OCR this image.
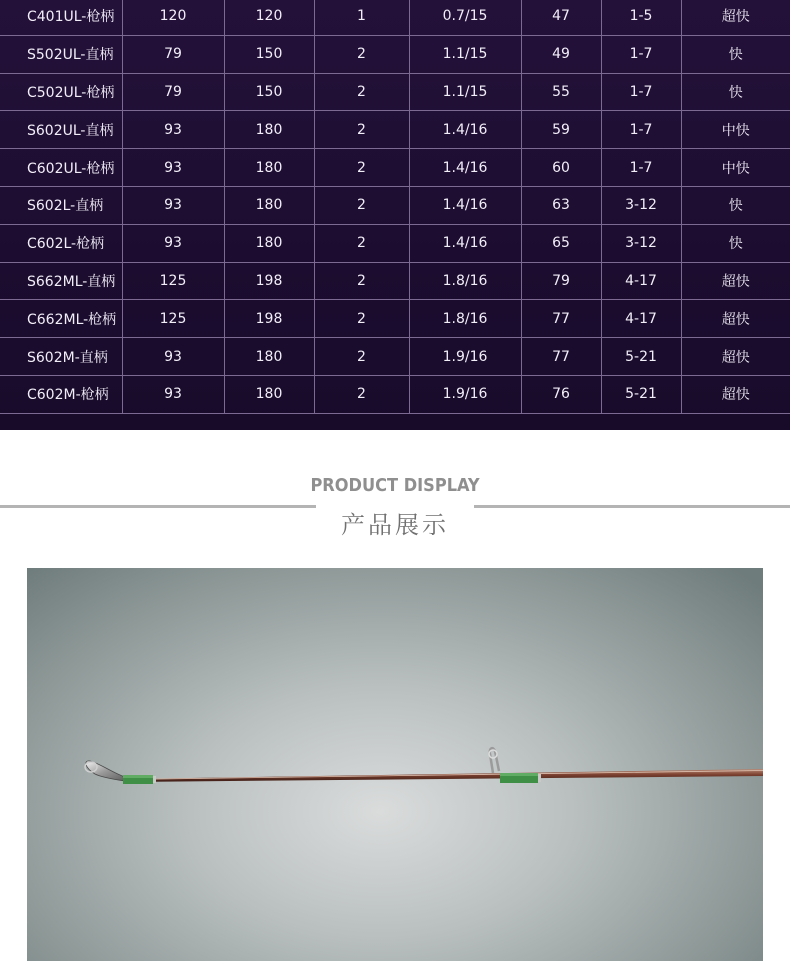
C401UL-枪柄	120	120	1	0.7/15	47	1-5	超快
S502UL-直柄	79	150	2	1.1/15	49	1-7	快
C502UL-枪柄	79	150	2	1.1/15	55	1-7	快
S602UL-直柄	93	180	2	1.4/16	59	1-7	中快
C602UL-枪柄	93	180	2	1.4/16	60	1-7	中快
S602L-直柄	93	180	2	1.4/16	63	3-12	快
C602L-枪柄	93	180	2	1.4/16	65	3-12	快
S662ML-直柄	125	198	2	1.8/16	79	4-17	超快
C662ML-枪柄	125	198	2	1.8/16	77	4-17	超快
S602M-直柄	93	180	2	1.9/16	77	5-21	超快
C602M-枪柄	93	180	2	1.9/16	76	5-21	超快
PRODUCT DISPLAY
产品展示
